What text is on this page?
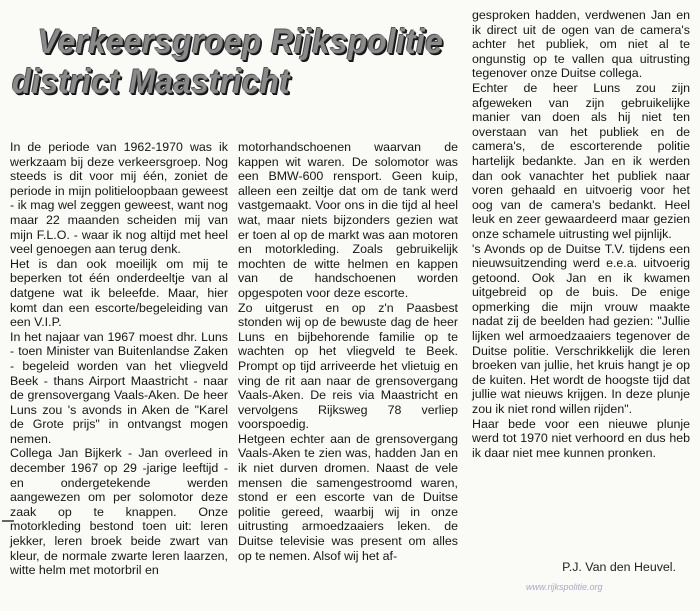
Verkeersgroep Rijkspolitie
district Maastricht

In de periode van 1962-1970 was ik werkzaam bij deze verkeersgroep. Nog steeds is dit voor mij één, zoniet de periode in mijn politieloopbaan geweest - ik mag wel zeggen geweest, want nog maar 22 maanden scheiden mij van mijn F.L.O. - waar ik nog altijd met heel veel genoegen aan terug denk.

Het is dan ook moeilijk om mij te beperken tot één onderdeeltje van al datgene wat ik beleefde. Maar, hier komt dan een escorte/begeleiding van een V.I.P.

In het najaar van 1967 moest dhr. Luns - toen Minister van Buitenlandse Zaken - begeleid worden van het vliegveld Beek - thans Airport Maastricht - naar de grensovergang Vaals-Aken. De heer Luns zou 's avonds in Aken de "Karel de Grote prijs" in ontvangst mogen nemen.

Collega Jan Bijkerk - Jan overleed in december 1967 op 29 -jarige leeftijd -en ondergetekende werden aangewezen om per solomotor deze zaak op te knappen. Onze motorkleding bestond toen uit: leren jekker, leren broek beide zwart van kleur, de normale zwarte leren laarzen, witte helm met motorbril en

motorhandschoenen waarvan de kappen wit waren. De solomotor was een BMW-600 rensport. Geen kuip, alleen een zeiltje dat om de tank werd vastgemaakt. Voor ons in die tijd al heel wat, maar niets bijzonders gezien wat er toen al op de markt was aan motoren en motorkleding. Zoals gebruikelijk mochten de witte helmen en kappen van de handschoenen worden opgespoten voor deze escorte.

Zo uitgerust en op z'n Paasbest stonden wij op de bewuste dag de heer Luns en bijbehorende familie op te wachten op het vliegveld te Beek. Prompt op tijd arriveerde het vlietuig en ving de rit aan naar de grensovergang Vaals-Aken. De reis via Maastricht en vervolgens Rijksweg 78 verliep voorspoedig.

Hetgeen echter aan de grensovergang Vaals-Aken te zien was, hadden Jan en ik niet durven dromen. Naast de vele mensen die samengestroomd waren, stond er een escorte van de Duitse politie gereed, waarbij wij in onze uitrusting armoedzaaiers leken. de Duitse televisie was present om alles op te nemen. Alsof wij het af-

gesproken hadden, verdwenen Jan en ik direct uit de ogen van de camera's achter het publiek, om niet al te ongunstig op te vallen qua uitrusting tegenover onze Duitse collega.

Echter de heer Luns zou zijn afgeweken van zijn gebruikelijke manier van doen als hij niet ten overstaan van het publiek en de camera's, de escorterende politie hartelijk bedankte. Jan en ik werden dan ook vanachter het publiek naar voren gehaald en uitvoerig voor het oog van de camera's bedankt. Heel leuk en zeer gewaardeerd maar gezien onze schamele uitrusting wel pijnlijk.

's Avonds op de Duitse T.V. tijdens een nieuwsuitzending werd e.e.a. uitvoerig getoond. Ook Jan en ik kwamen uitgebreid op de buis. De enige opmerking die mijn vrouw maakte nadat zij de beelden had gezien: "Jullie lijken wel armoedzaaiers tegenover de Duitse politie. Verschrikkelijk die leren broeken van jullie, het kruis hangt je op de kuiten. Het wordt de hoogste tijd dat jullie wat nieuws krijgen. In deze plunje zou ik niet rond willen rijden".

Haar bede voor een nieuwe plunje werd tot 1970 niet verhoord en dus heb ik daar niet mee kunnen pronken.

www.rijkspolitie.org
P.J. Van den Heuvel.
